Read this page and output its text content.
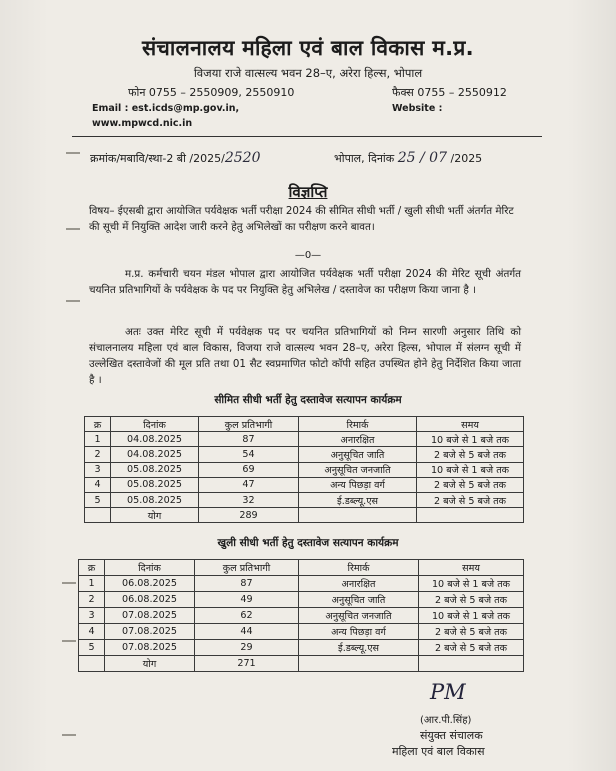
संचालनालय महिला एवं बाल विकास म.प्र.
विजया राजे वात्सल्य भवन 28–ए, अरेरा हिल्स, भोपाल
फोन 0755 – 2550909, 2550910	फैक्स 0755 – 2550912
Email : est.icds@mp.gov.in,	Website :
www.mpwcd.nic.in
क्रमांक/मबावि/स्था-2 बी /2025/2520	भोपाल, दिनांक 25 / 07 /2025
विज्ञप्ति
विषय– ईएसबी द्वारा आयोजित पर्यवेक्षक भर्ती परीक्षा 2024 की सीमित सीधी भर्ती / खुली सीधी भर्ती अंतर्गत मेरिट की सूची में नियुक्ति आदेश जारी करने हेतु अभिलेखों का परीक्षण करने बावत।
—0—
म.प्र. कर्मचारी चयन मंडल भोपाल द्वारा आयोजित पर्यवेक्षक भर्ती परीक्षा 2024 की मेरिट सूची अंतर्गत चयनित प्रतिभागियों के पर्यवेक्षक के पद पर नियुक्ति हेतु अभिलेख / दस्तावेज का परीक्षण किया जाना है ।
अतः उक्त मेरिट सूची में पर्यवेक्षक पद पर चयनित प्रतिभागियों को निम्न सारणी अनुसार तिथि को संचालनालय महिला एवं बाल विकास, विजया राजे वात्सल्य भवन 28–ए, अरेरा हिल्स, भोपाल में संलग्न सूची में उल्लेखित दस्तावेजों की मूल प्रति तथा 01 सैट स्वप्रमाणित फोटो कॉपी सहित उपस्थित होने हेतु निर्देशित किया जाता है ।
सीमित सीधी भर्ती हेतु दस्तावेज सत्यापन कार्यक्रम
क्र	दिनांक	कुल प्रतिभागी	रिमार्क	समय
1	04.08.2025	87	अनारक्षित	10 बजे से 1 बजे तक
2	04.08.2025	54	अनुसूचित जाति	2 बजे से 5 बजे तक
3	05.08.2025	69	अनुसूचित जनजाति	10 बजे से 1 बजे तक
4	05.08.2025	47	अन्य पिछड़ा वर्ग	2 बजे से 5 बजे तक
5	05.08.2025	32	ई.डब्ल्यू.एस	2 बजे से 5 बजे तक
	योग	289		
खुली सीधी भर्ती हेतु दस्तावेज सत्यापन कार्यक्रम
क्र	दिनांक	कुल प्रतिभागी	रिमार्क	समय
1	06.08.2025	87	अनारक्षित	10 बजे से 1 बजे तक
2	06.08.2025	49	अनुसूचित जाति	2 बजे से 5 बजे तक
3	07.08.2025	62	अनुसूचित जनजाति	10 बजे से 1 बजे तक
4	07.08.2025	44	अन्य पिछड़ा वर्ग	2 बजे से 5 बजे तक
5	07.08.2025	29	ई.डब्ल्यू.एस	2 बजे से 5 बजे तक
	योग	271		
PM
(आर.पी.सिंह)
संयुक्त संचालक
महिला एवं बाल विकास
